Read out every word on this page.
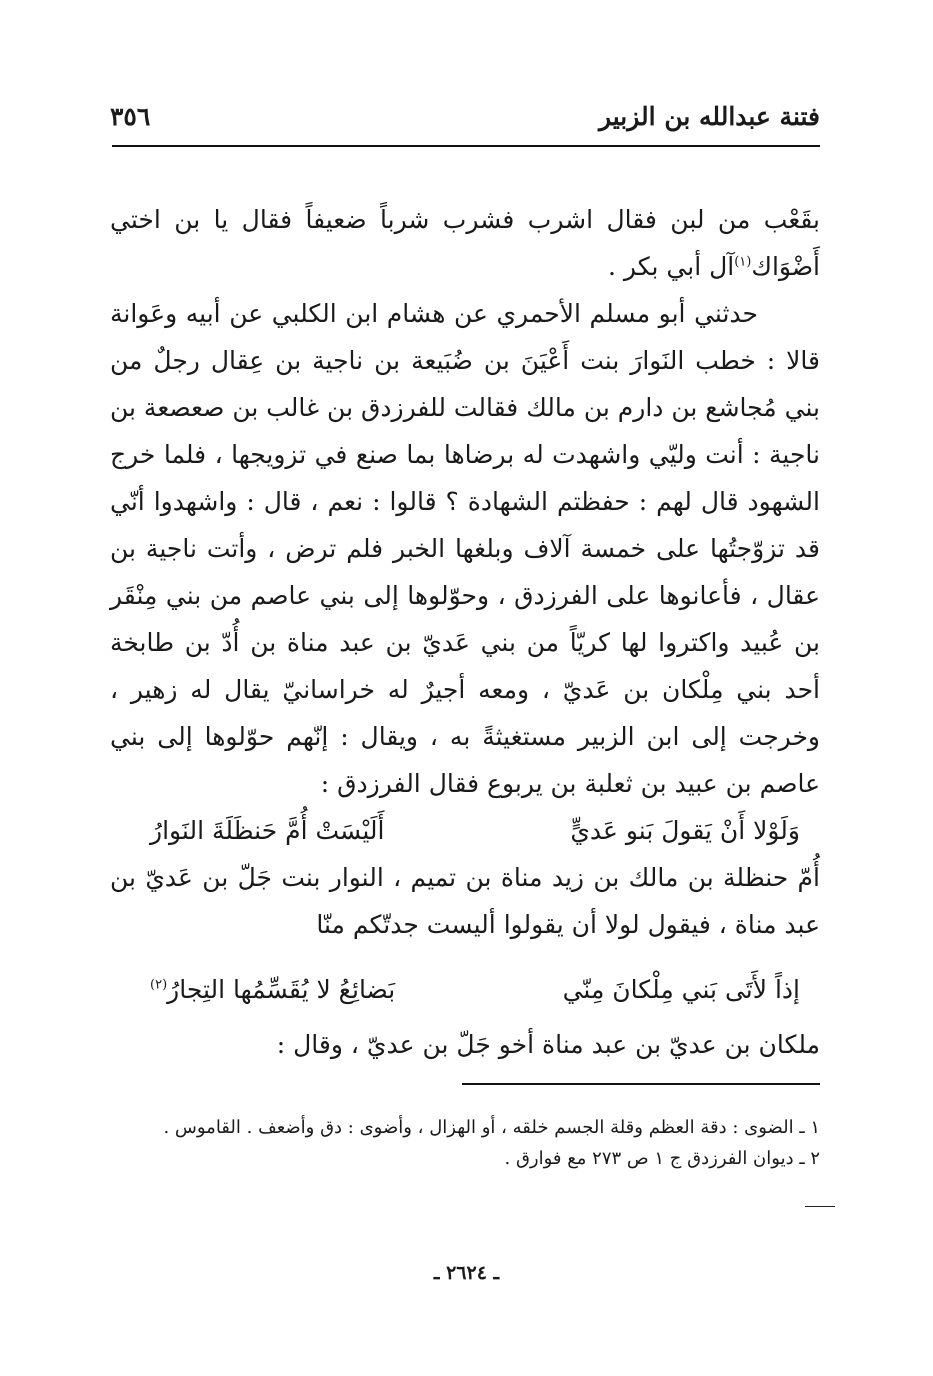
فتنة عبدالله بن الزبير
٣٥٦

بقَعْب من لبن فقال اشرب فشرب شرباً ضعيفاً فقال يا بن اختي أَضْوَاك$^{(١)}$آل أبي بكر .

حدثني أبو مسلم الأحمري عن هشام ابن الكلبي عن أبيه وعَوانة قالا : خطب النَوارَ بنت أَعْيَنَ بن ضُبَيعة بن ناجية بن عِقال رجلٌ من بني مُجاشع بن دارم بن مالك فقالت للفرزدق بن غالب بن صعصعة بن ناجية : أنت وليّي واشهدت له برضاها بما صنع في تزويجها ، فلما خرج الشهود قال لهم : حفظتم الشهادة ؟ قالوا : نعم ، قال : واشهدوا أنّي قد تزوّجتُها على خمسة آلاف وبلغها الخبر فلم ترض ، وأتت ناجية بن عقال ، فأعانوها على الفرزدق ، وحوّلوها إلى بني عاصم من بني مِنْقَر بن عُبيد واكتروا لها كريّاً من بني عَديّ بن عبد مناة بن أُدّ بن طابخة أحد بني مِلْكان بن عَديّ ، ومعه أجيرٌ له خراسانيّ يقال له زهير ، وخرجت إلى ابن الزبير مستغيثةً به ، ويقال : إنّهم حوّلوها إلى بني عاصم بن عبيد بن ثعلبة بن يربوع فقال الفرزدق :

وَلَوْلا أَنْ يَقولَ بَنو عَديٍّ
أَلَيْسَتْ أُمَّ حَنظَلَةَ النَوارُ

أُمّ حنظلة بن مالك بن زيد مناة بن تميم ، النوار بنت جَلّ بن عَديّ بن عبد مناة ، فيقول لولا أن يقولوا أليست جدتّكم منّا

إذاً لأَتَى بَني مِلْكانَ مِنّي
بَضائِعُ لا يُقَسِّمُها التِجارُ$^{(٢)}$

ملكان بن عديّ بن عبد مناة أخو جَلّ بن عديّ ، وقال :

١ ـ الضوى : دقة العظم وقلة الجسم خلقه ، أو الهزال ، وأضوى : دق وأضعف . القاموس .

٢ ـ ديوان الفرزدق ج ١ ص ٢٧٣ مع فوارق .

ـ ٢٦٢٤ ـ
